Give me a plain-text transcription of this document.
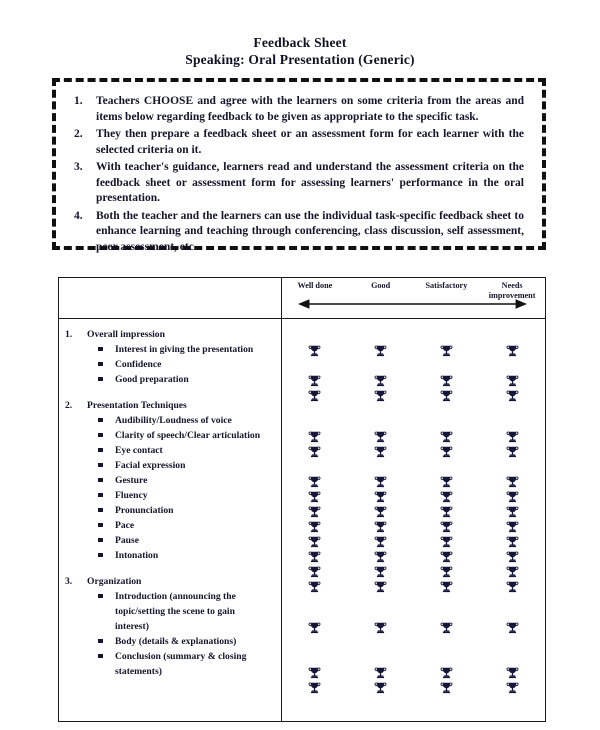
Feedback Sheet
Speaking: Oral Presentation (Generic)
1.	Teachers CHOOSE and agree with the learners on some criteria from the areas and items below regarding feedback to be given as appropriate to the specific task.
2.	They then prepare a feedback sheet or an assessment form for each learner with the selected criteria on it.
3.	With teacher's guidance, learners read and understand the assessment criteria on the feedback sheet or assessment form for assessing learners' performance in the oral presentation.
4.	Both the teacher and the learners can use the individual task-specific feedback sheet to enhance learning and teaching through conferencing, class discussion, self assessment, peer assessment, etc.
Well done	Good	Satisfactory	Needs improvement
1.	Overall impression
Interest in giving the presentation
Confidence
Good preparation
2.	Presentation Techniques
Audibility/Loudness of voice
Clarity of speech/Clear articulation
Eye contact
Facial expression
Gesture
Fluency
Pronunciation
Pace
Pause
Intonation
3.	Organization
Introduction (announcing the topic/setting the scene to gain interest)
Body (details & explanations)
Conclusion (summary & closing statements)
